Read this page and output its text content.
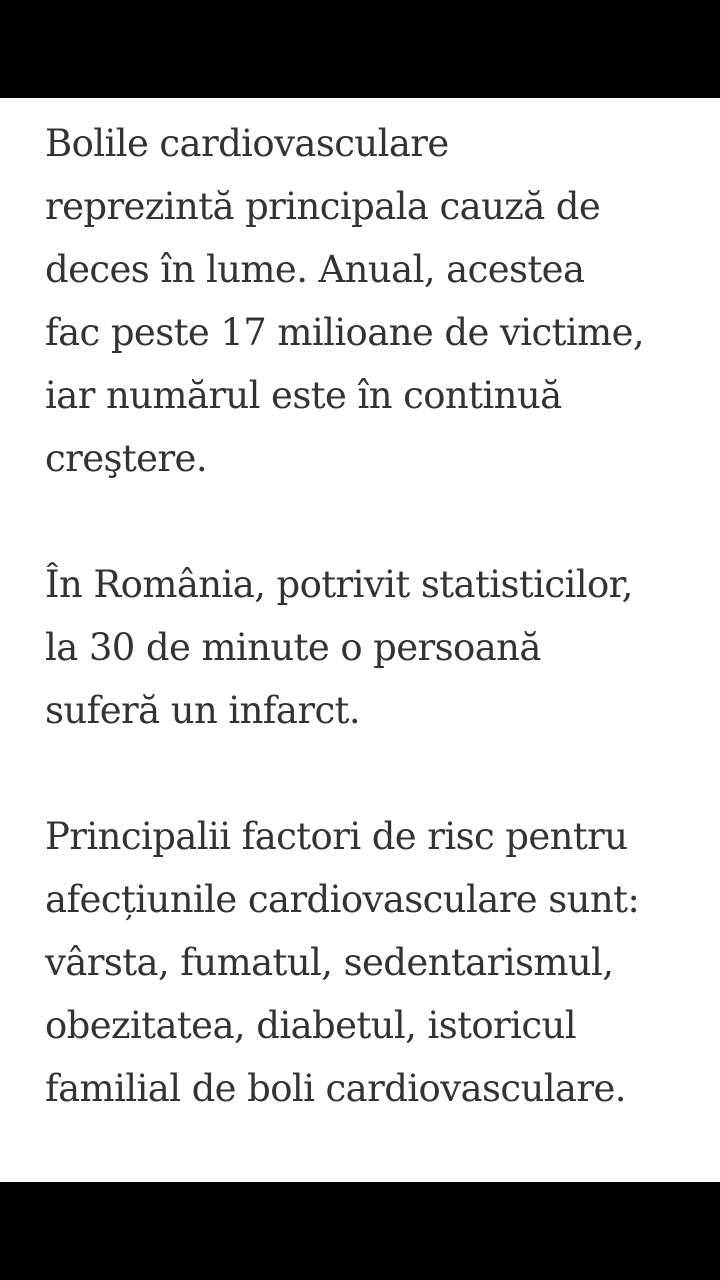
Bolile cardiovasculare
reprezintă principala cauză de
deces în lume. Anual, acestea
fac peste 17 milioane de victime,
iar numărul este în continuă
creştere.

În România, potrivit statisticilor,
la 30 de minute o persoană
suferă un infarct.

Principalii factori de risc pentru
afecțiunile cardiovasculare sunt:
vârsta, fumatul, sedentarismul,
obezitatea, diabetul, istoricul
familial de boli cardiovasculare.
